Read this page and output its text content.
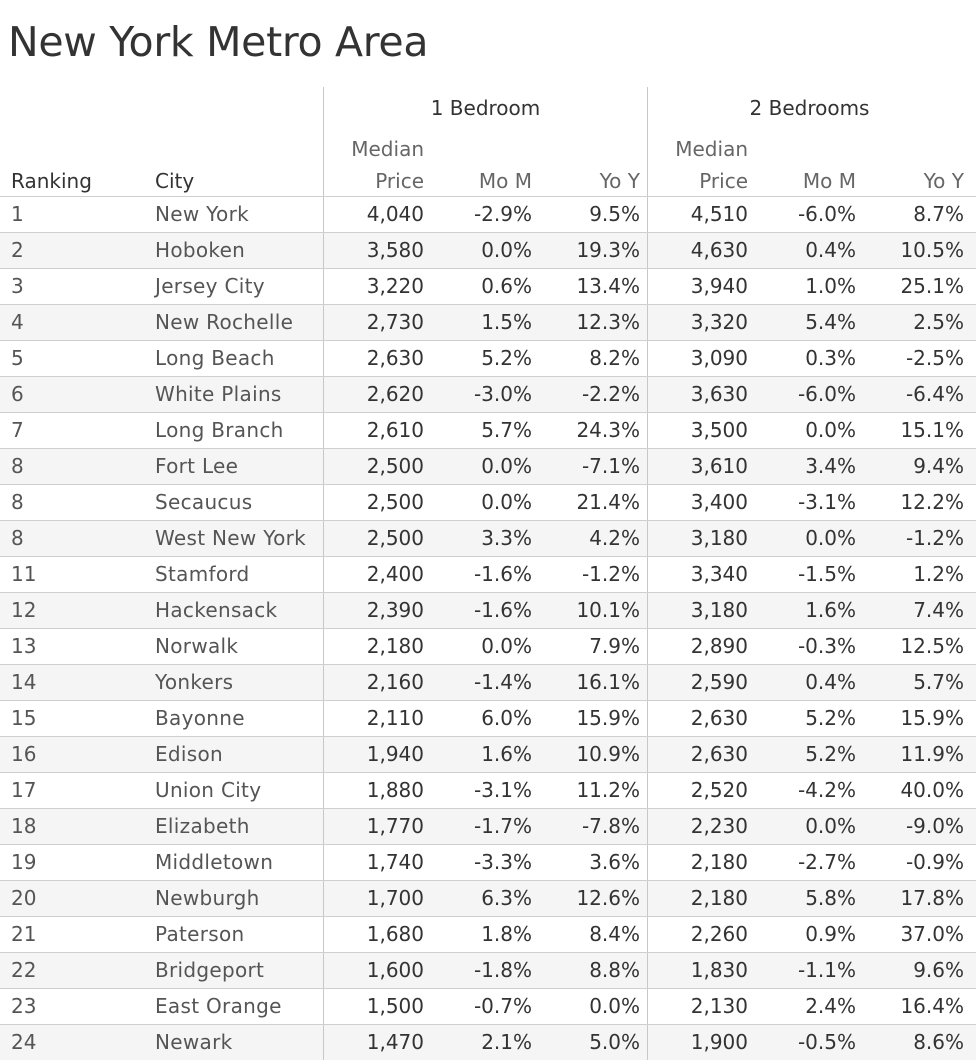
New York Metro Area
1 Bedroom	2 Bedrooms
Ranking	City
Median
Price	Mo M	Yo Y
Median
Price	Mo M	Yo Y
1	New York	4,040 -2.9%	9.5%	4,510 -6.0%	8.7%
2	Hoboken	3,580	0.0% 19.3%	4,630	0.4% 10.5%
3	Jersey City	3,220	0.6% 13.4%	3,940	1.0% 25.1%
4	New Rochelle	2,730	1.5% 12.3%	3,320	5.4%	2.5%
5	Long Beach	2,630	5.2%	8.2%	3,090	0.3% -2.5%
6	White Plains	2,620 -3.0% -2.2%	3,630 -6.0% -6.4%
7	Long Branch	2,610	5.7% 24.3%	3,500	0.0% 15.1%
8	Fort Lee	2,500	0.0% -7.1%	3,610	3.4%	9.4%
8	Secaucus	2,500	0.0% 21.4%	3,400 -3.1% 12.2%
8	West New York	2,500	3.3%	4.2%	3,180	0.0% -1.2%
11	Stamford	2,400 -1.6% -1.2%	3,340 -1.5%	1.2%
12	Hackensack	2,390 -1.6% 10.1%	3,180	1.6%	7.4%
13	Norwalk	2,180	0.0%	7.9%	2,890 -0.3% 12.5%
14	Yonkers	2,160 -1.4% 16.1%	2,590	0.4%	5.7%
15	Bayonne	2,110	6.0% 15.9%	2,630	5.2% 15.9%
16	Edison	1,940	1.6% 10.9%	2,630	5.2% 11.9%
17	Union City	1,880 -3.1% 11.2%	2,520 -4.2% 40.0%
18	Elizabeth	1,770 -1.7% -7.8%	2,230	0.0% -9.0%
19	Middletown	1,740 -3.3%	3.6%	2,180 -2.7% -0.9%
20	Newburgh	1,700	6.3% 12.6%	2,180	5.8% 17.8%
21	Paterson	1,680	1.8%	8.4%	2,260	0.9% 37.0%
22	Bridgeport	1,600 -1.8%	8.8%	1,830 -1.1%	9.6%
23	East Orange	1,500 -0.7%	0.0%	2,130	2.4% 16.4%
24	Newark	1,470	2.1%	5.0%	1,900 -0.5%	8.6%
